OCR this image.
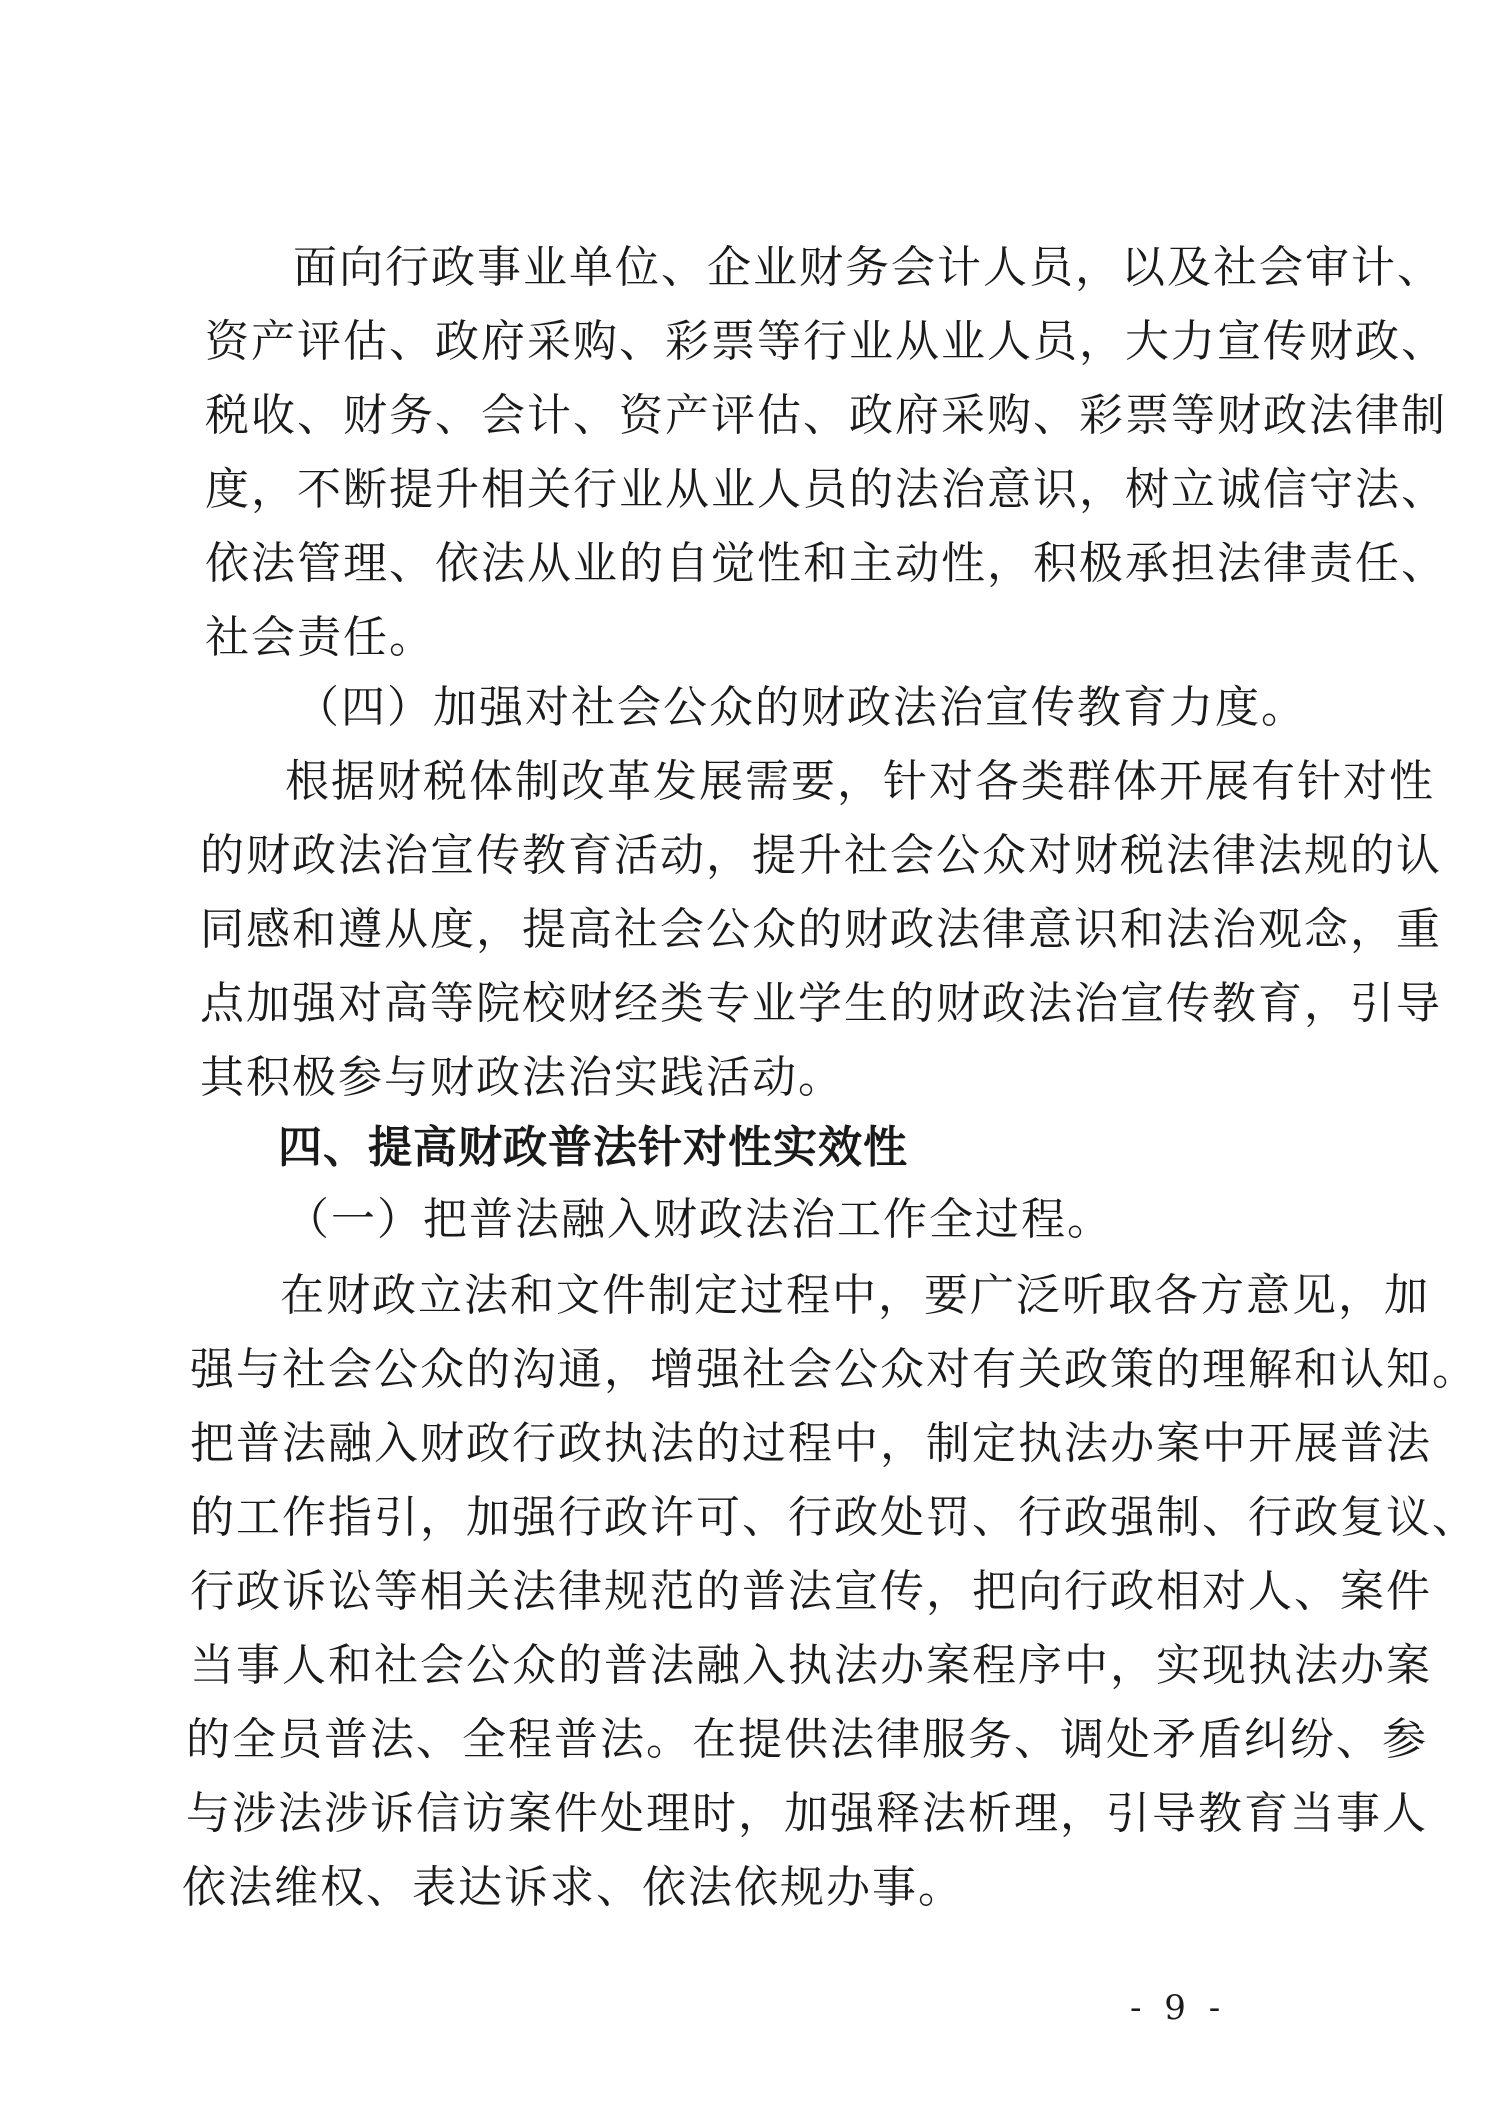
面向行政事业单位、企业财务会计人员，以及社会审计、
资产评估、政府采购、彩票等行业从业人员，大力宣传财政、
税收、财务、会计、资产评估、政府采购、彩票等财政法律制
度，不断提升相关行业从业人员的法治意识，树立诚信守法、
依法管理、依法从业的自觉性和主动性，积极承担法律责任、
社会责任。
（四）加强对社会公众的财政法治宣传教育力度。
根据财税体制改革发展需要，针对各类群体开展有针对性
的财政法治宣传教育活动，提升社会公众对财税法律法规的认
同感和遵从度，提高社会公众的财政法律意识和法治观念，重
点加强对高等院校财经类专业学生的财政法治宣传教育，引导
其积极参与财政法治实践活动。
四、提高财政普法针对性实效性
（一）把普法融入财政法治工作全过程。
在财政立法和文件制定过程中，要广泛听取各方意见，加
强与社会公众的沟通，增强社会公众对有关政策的理解和认知。
把普法融入财政行政执法的过程中，制定执法办案中开展普法
的工作指引，加强行政许可、行政处罚、行政强制、行政复议、
行政诉讼等相关法律规范的普法宣传，把向行政相对人、案件
当事人和社会公众的普法融入执法办案程序中，实现执法办案
的全员普法、全程普法。在提供法律服务、调处矛盾纠纷、参
与涉法涉诉信访案件处理时，加强释法析理，引导教育当事人
依法维权、表达诉求、依法依规办事。
- 9 -
